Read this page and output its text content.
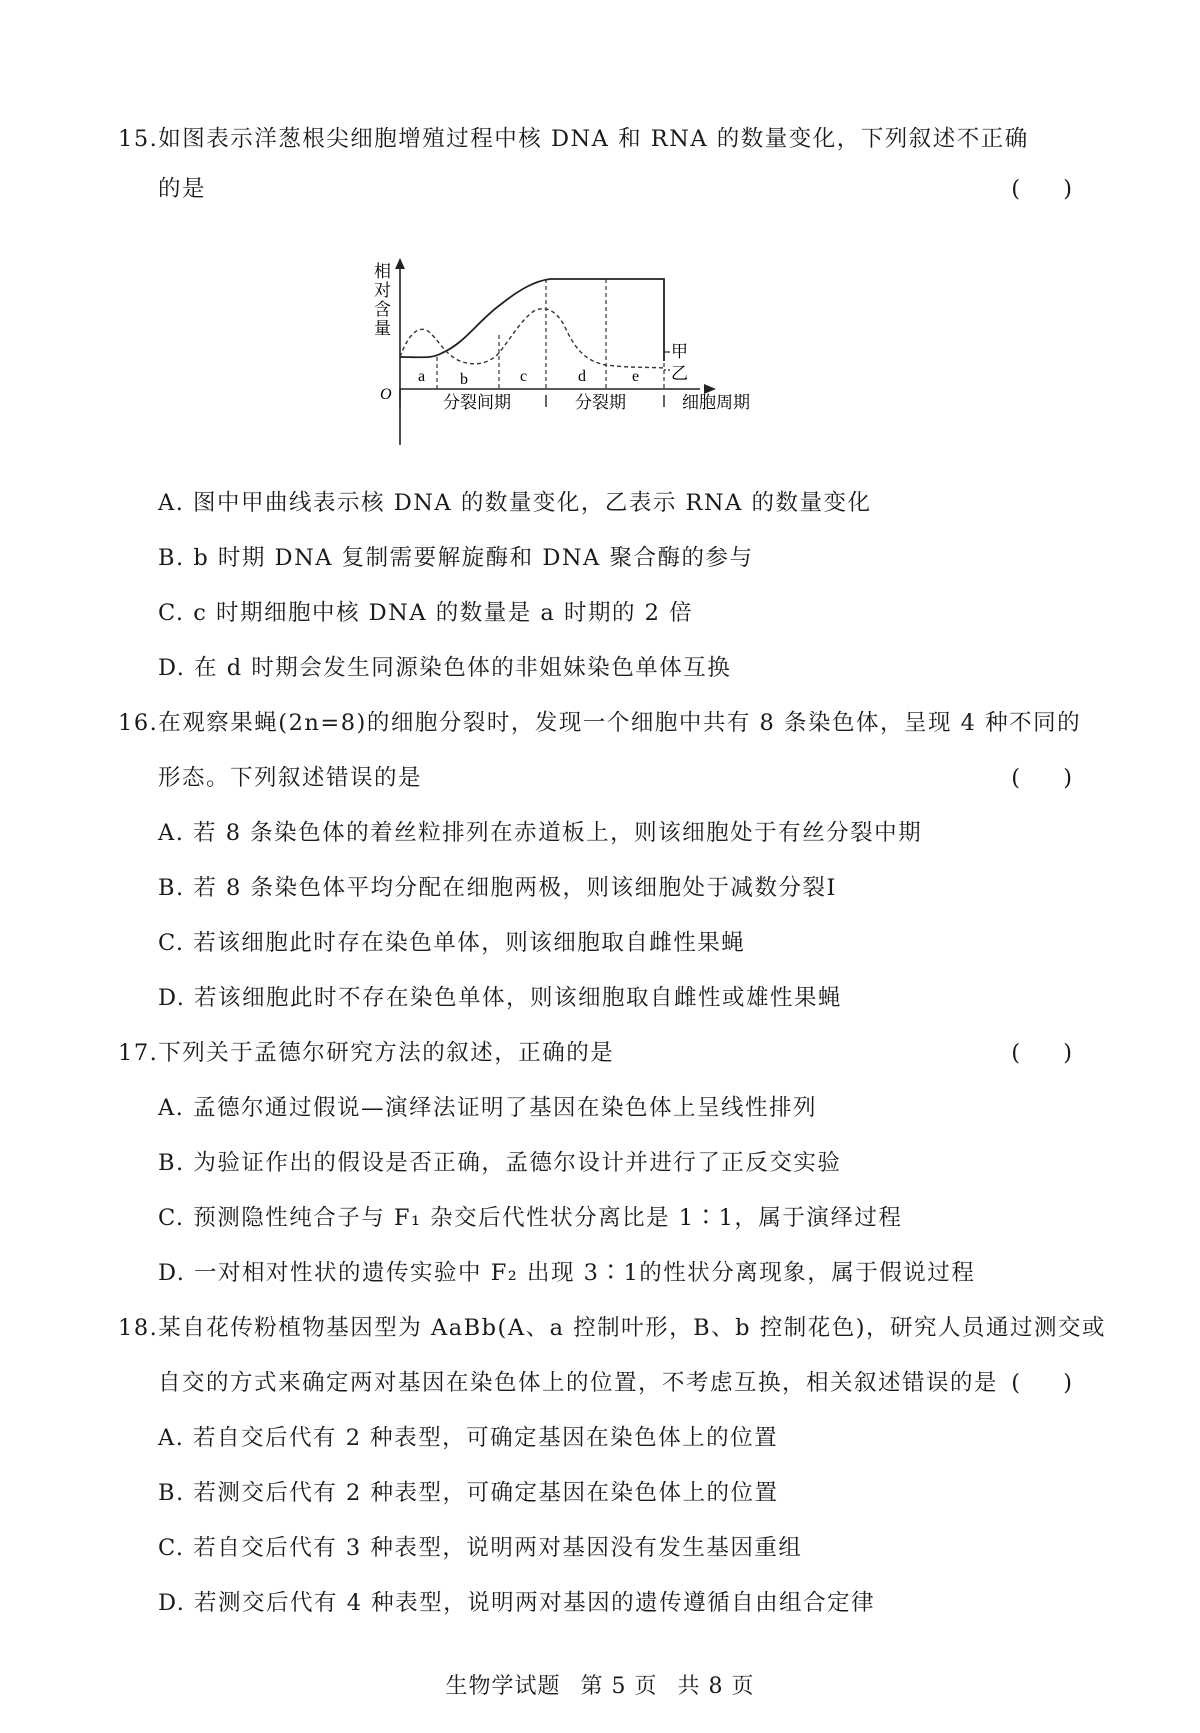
15.如图表示洋葱根尖细胞增殖过程中核 DNA 和 RNA 的数量变化，下列叙述不正确
的是	( )
相对含量
a b	c	d	e
甲
乙
O	分裂间期	分裂期	细胞周期
A. 图中甲曲线表示核 DNA 的数量变化，乙表示 RNA 的数量变化
B. b 时期 DNA 复制需要解旋酶和 DNA 聚合酶的参与
C. c 时期细胞中核 DNA 的数量是 a 时期的 2 倍
D. 在 d 时期会发生同源染色体的非姐妹染色单体互换
16.在观察果蝇(2n=8)的细胞分裂时，发现一个细胞中共有 8 条染色体，呈现 4 种不同的
形态。下列叙述错误的是	( )
A. 若 8 条染色体的着丝粒排列在赤道板上，则该细胞处于有丝分裂中期
B. 若 8 条染色体平均分配在细胞两极，则该细胞处于减数分裂Ⅰ
C. 若该细胞此时存在染色单体，则该细胞取自雌性果蝇
D. 若该细胞此时不存在染色单体，则该细胞取自雌性或雄性果蝇
17.下列关于孟德尔研究方法的叙述，正确的是	( )
A. 孟德尔通过假说—演绎法证明了基因在染色体上呈线性排列
B. 为验证作出的假设是否正确，孟德尔设计并进行了正反交实验
C. 预测隐性纯合子与 F₁ 杂交后代性状分离比是 1∶1，属于演绎过程
D. 一对相对性状的遗传实验中 F₂ 出现 3∶1的性状分离现象，属于假说过程
18.某自花传粉植物基因型为 AaBb(A、a 控制叶形，B、b 控制花色)，研究人员通过测交或
自交的方式来确定两对基因在染色体上的位置，不考虑互换，相关叙述错误的是 ( )
A. 若自交后代有 2 种表型，可确定基因在染色体上的位置
B. 若测交后代有 2 种表型，可确定基因在染色体上的位置
C. 若自交后代有 3 种表型，说明两对基因没有发生基因重组
D. 若测交后代有 4 种表型，说明两对基因的遗传遵循自由组合定律
生物学试题 第 5 页 共 8 页
